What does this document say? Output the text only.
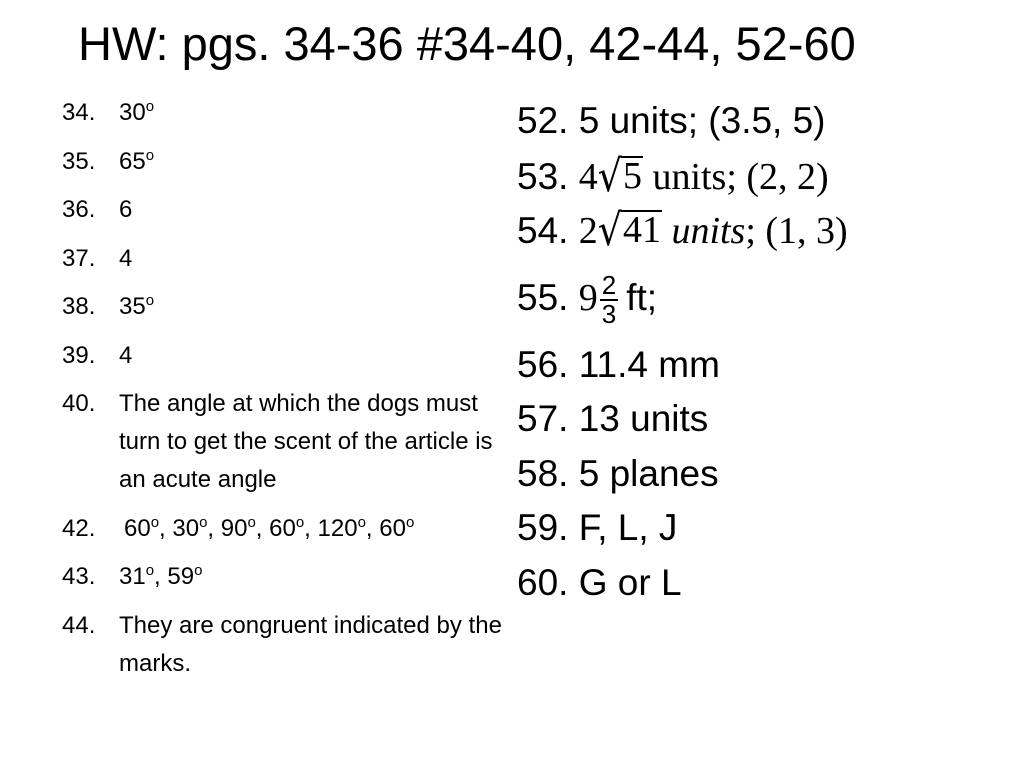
HW: pgs. 34-36 #34-40, 42-44, 52-60
34. 30$^o$
35. 65$^o$
36. 6
37. 4
38. 35$^o$
39. 4
40. The angle at which the dogs must turn to get the scent of the article is an acute angle
42.	60$^o$, 30$^o$, 90$^o$, 60$^o$, 120$^o$, 60$^o$
43. 31$^o$, 59$^o$
44. They are congruent indicated by the marks.
52. 5 units; (3.5, 5)
53. 4√5 units; (2, 2)
54. 2√41 units; (1, 3)
55. $9 \frac{2}{3}$ ft;
56. 11.4 mm
57. 13 units
58. 5 planes
59. F, L, J
60. G or L
